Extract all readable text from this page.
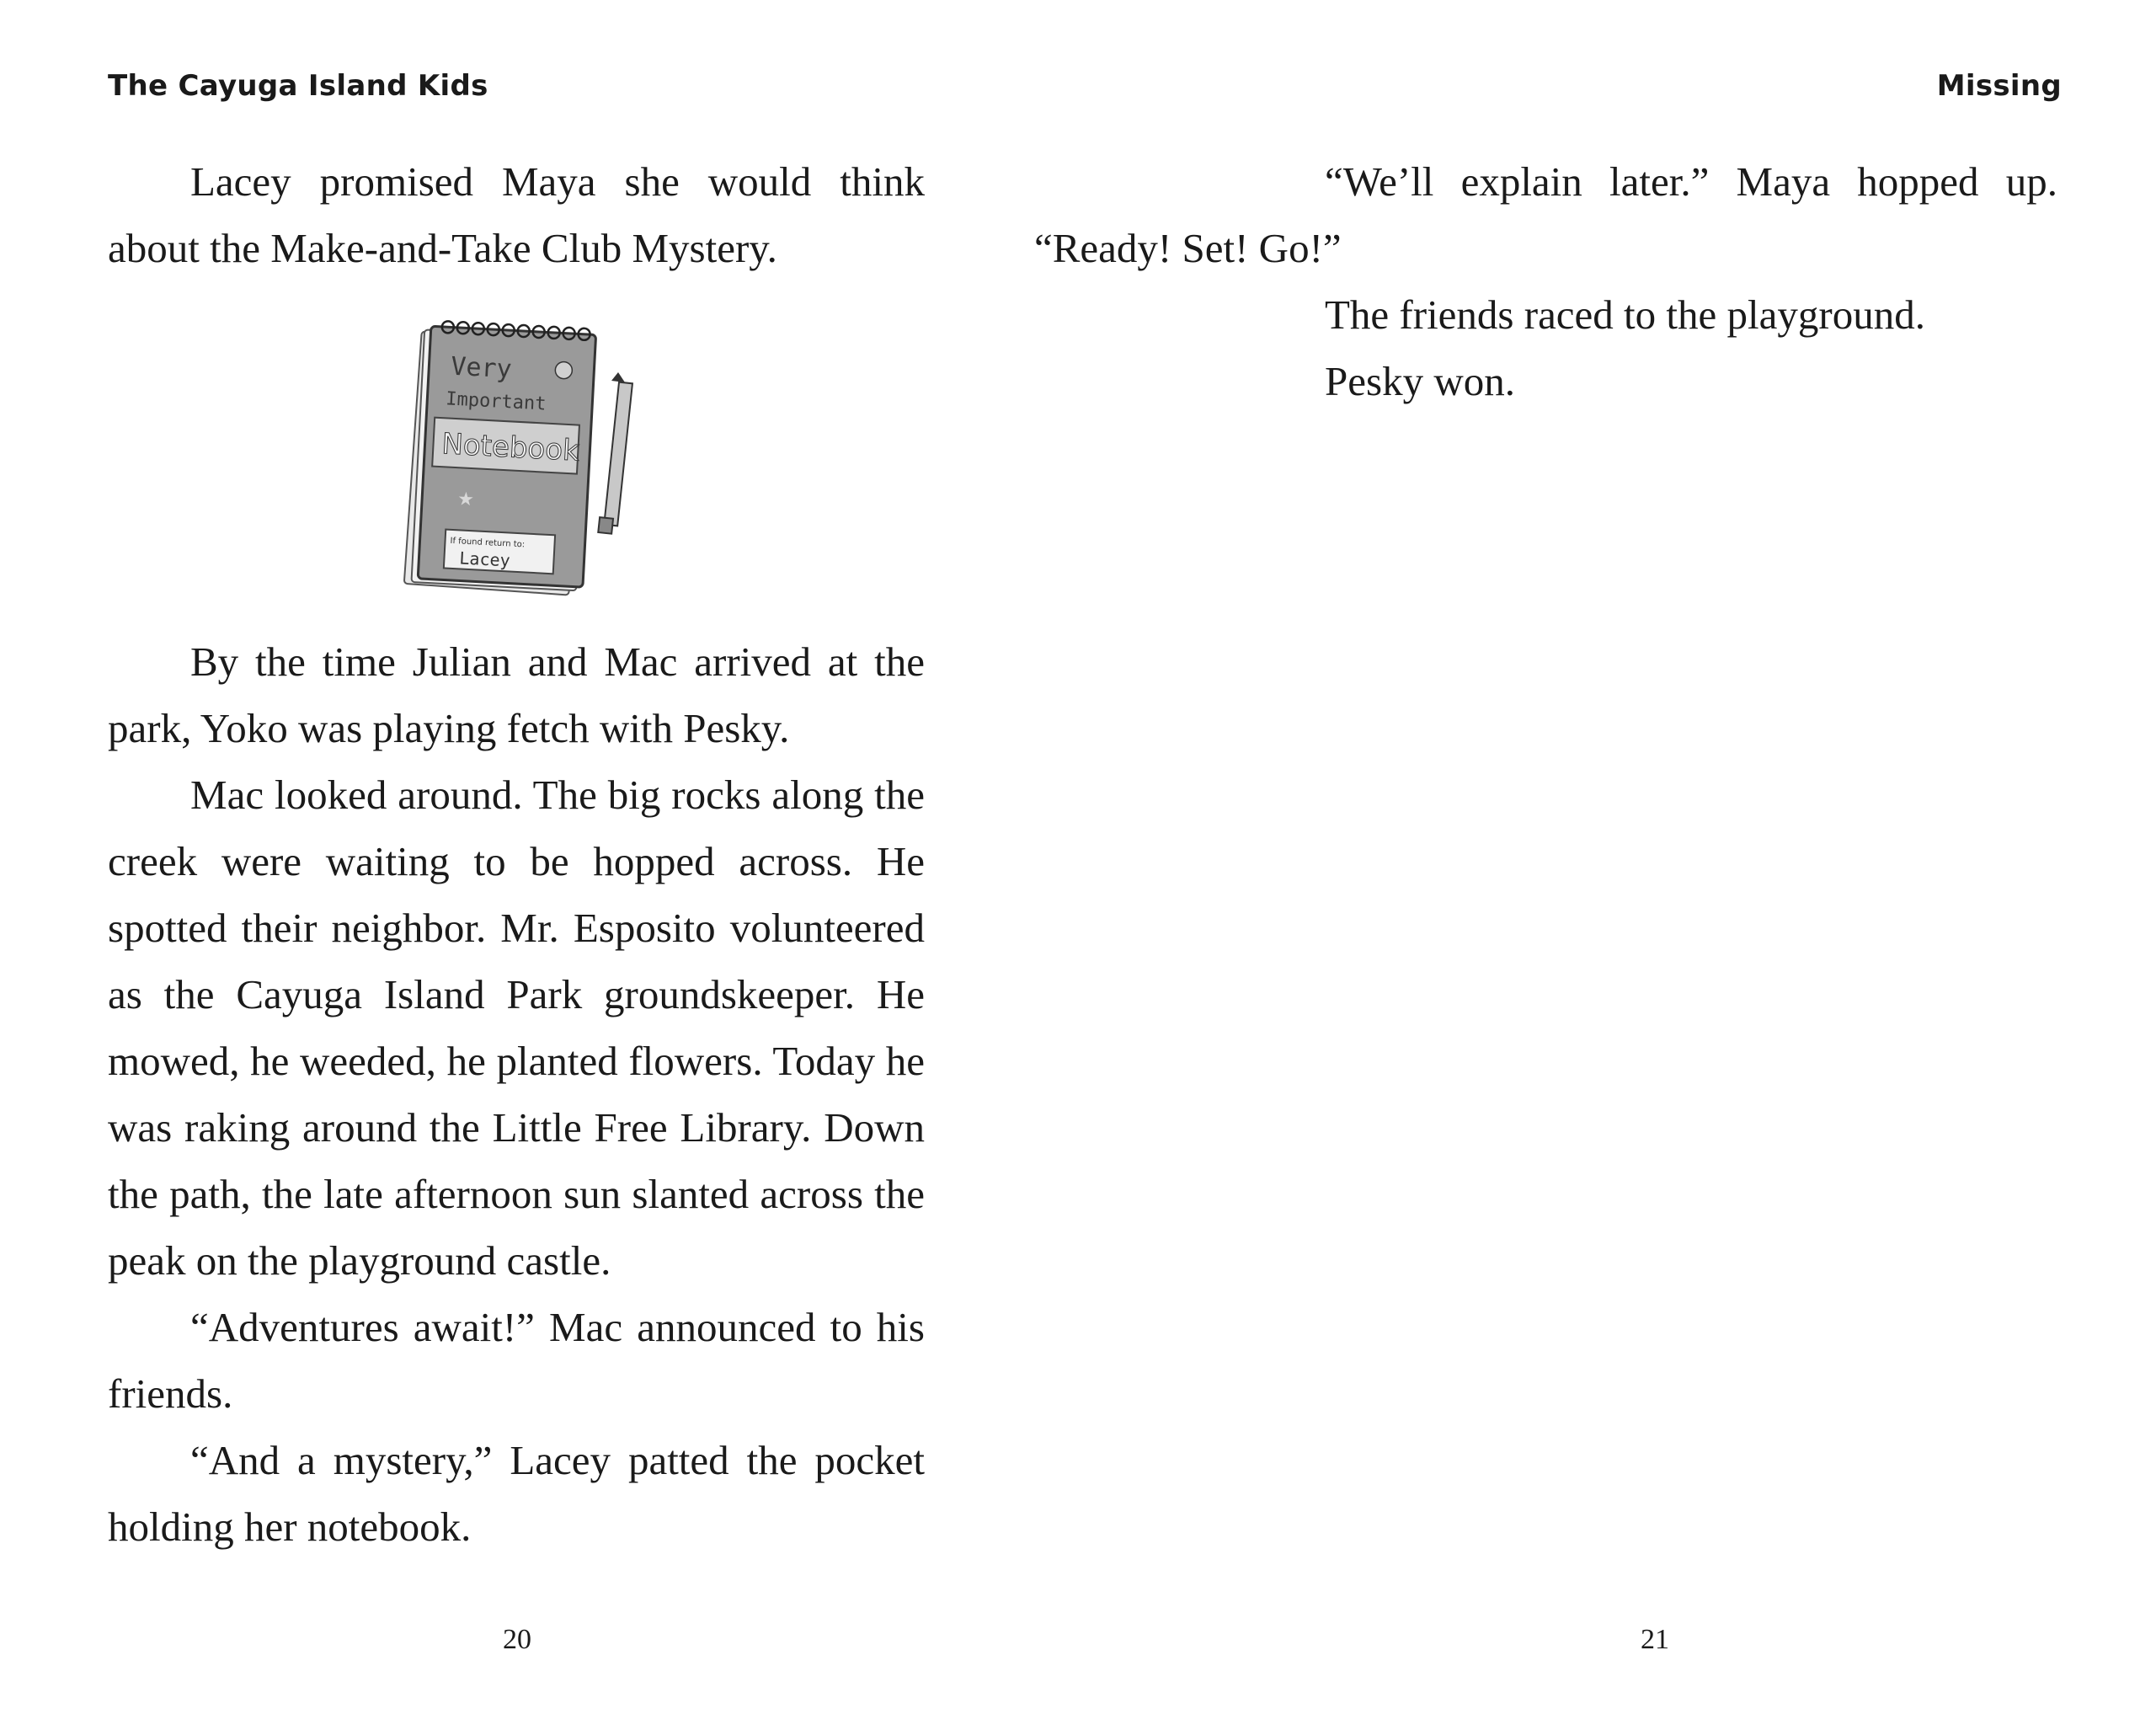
The Cayuga Island Kids

Lacey promised Maya she would think about the Make-and-Take Club Mystery.

Very
Important
Notebook
★
If found return to:
Lacey

By the time Julian and Mac arrived at the park, Yoko was playing fetch with Pesky.

Mac looked around. The big rocks along the creek were waiting to be hopped across. He spotted their neighbor. Mr. Esposito volunteered as the Cayuga Island Park groundskeeper. He mowed, he weeded, he planted flowers. Today he was raking around the Little Free Library. Down the path, the late afternoon sun slanted across the peak on the playground castle.

“Adventures await!” Mac announced to his friends.

“And a mystery,” Lacey patted the pocket holding her notebook.

20
Missing

“We’ll explain later.” Maya hopped up.

“Ready! Set! Go!”

The friends raced to the playground.

Pesky won.

21
